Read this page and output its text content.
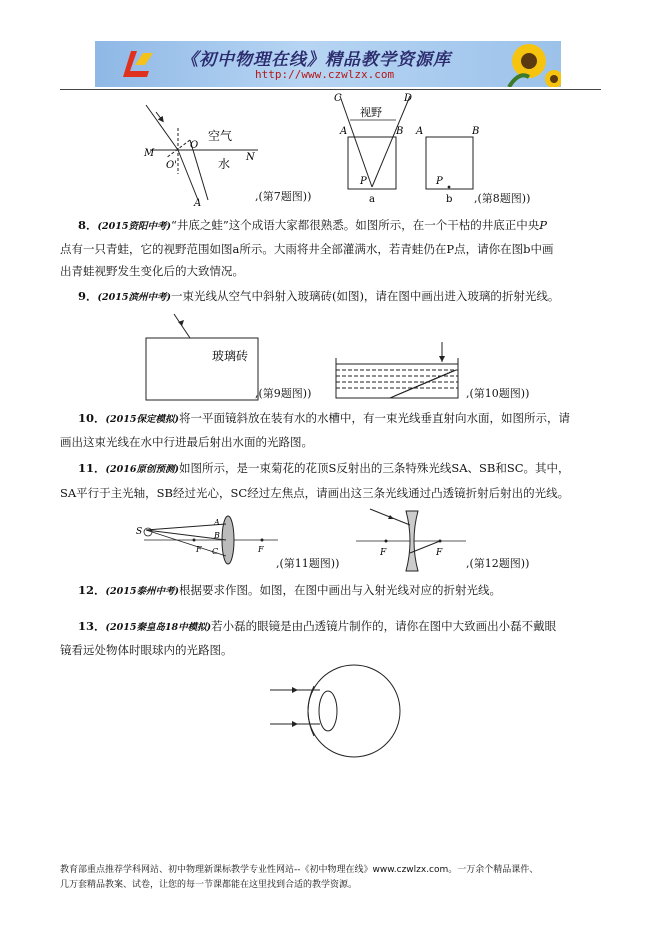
《初中物理在线》精品教学资源库
http://www.czwlzx.com
M
O
O'
N
空气
水
A
,(第7题图))
C	D
视野
A	B
P
a
A	B
P
b ,(第8题图))
8．(2015资阳中考)“井底之蛙”这个成语大家都很熟悉。如图所示，在一个干枯的井底正中央P
点有一只青蛙，它的视野范围如图a所示。大雨将井全部灌满水，若青蛙仍在P点，请你在图b中画
出青蛙视野发生变化后的大致情况。
9．(2015滨州中考)一束光线从空气中斜射入玻璃砖(如图)，请在图中画出进入玻璃的折射光线。
玻璃砖
,(第9题图))	,(第10题图))
10．(2015保定模拟)将一平面镜斜放在装有水的水槽中，有一束光线垂直射向水面，如图所示，请
画出这束光线在水中行进最后射出水面的光路图。
11．(2016原创预测)如图所示，是一束菊花的花顶S反射出的三条特殊光线SA、SB和SC。其中，
SA平行于主光轴，SB经过光心，SC经过左焦点，请画出这三条光线通过凸透镜折射后射出的光线。
S
A
B
C
F	F
,(第11题图))
F	F
,(第12题图))
12．(2015泰州中考)根据要求作图。如图，在图中画出与入射光线对应的折射光线。
13．(2015秦皇岛18中模拟)若小磊的眼镜是由凸透镜片制作的，请你在图中大致画出小磊不戴眼
镜看远处物体时眼球内的光路图。
教育部重点推荐学科网站、初中物理新课标教学专业性网站--《初中物理在线》www.czwlzx.com。一万余个精品课件、
几万套精品教案、试卷，让您的每一节课都能在这里找到合适的教学资源。
